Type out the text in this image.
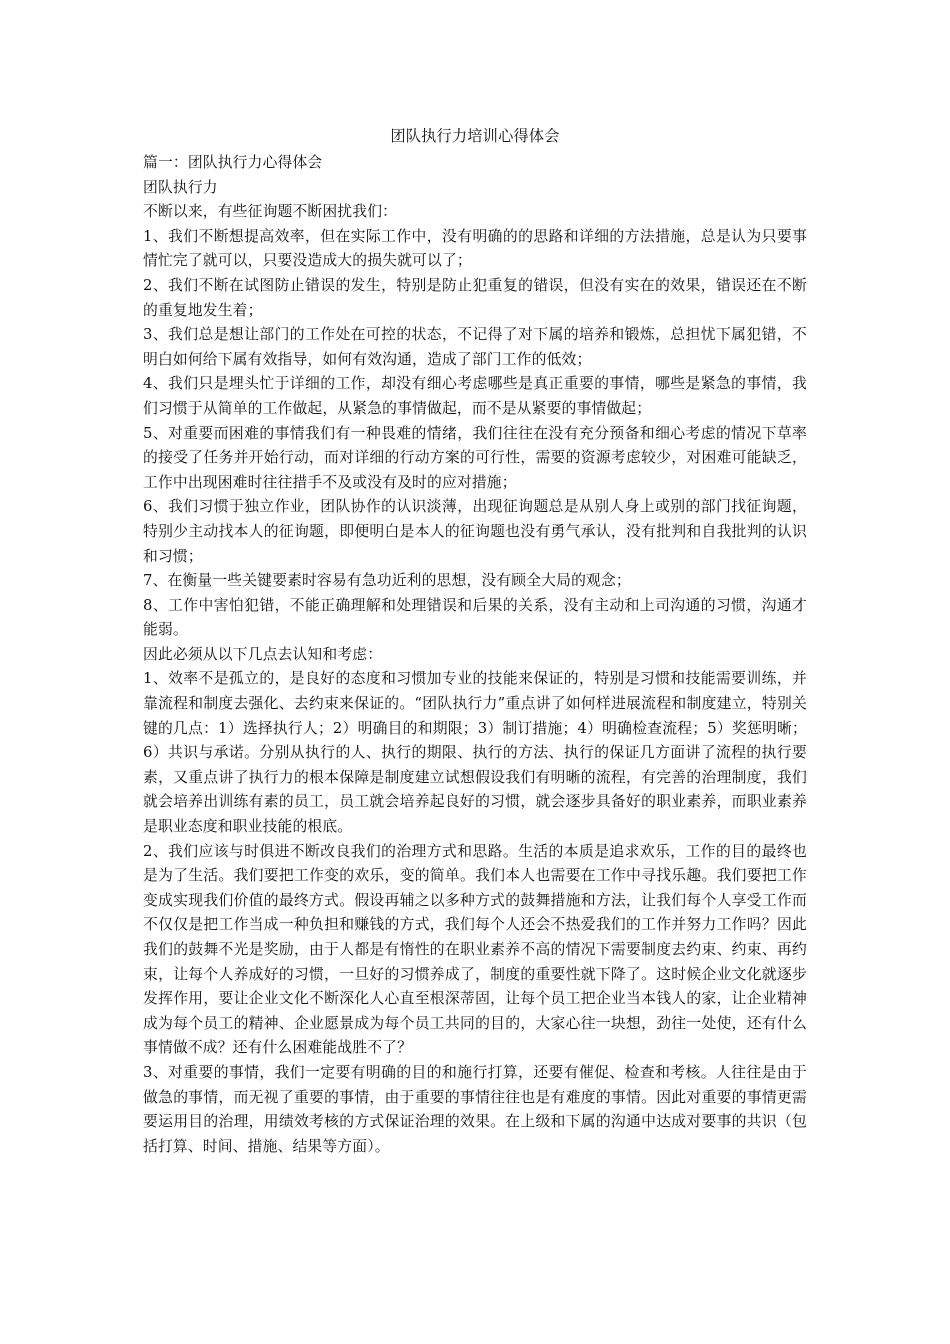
团队执行力培训心得体会

篇一：团队执行力心得体会

团队执行力

不断以来，有些征询题不断困扰我们：

1、我们不断想提高效率，但在实际工作中，没有明确的的思路和详细的方法措施，总是认为只要事情忙完了就可以，只要没造成大的损失就可以了；

2、我们不断在试图防止错误的发生，特别是防止犯重复的错误，但没有实在的效果，错误还在不断的重复地发生着；

3、我们总是想让部门的工作处在可控的状态，不记得了对下属的培养和锻炼，总担忧下属犯错，不明白如何给下属有效指导，如何有效沟通，造成了部门工作的低效；

4、我们只是埋头忙于详细的工作，却没有细心考虑哪些是真正重要的事情，哪些是紧急的事情，我们习惯于从简单的工作做起，从紧急的事情做起，而不是从紧要的事情做起；

5、对重要而困难的事情我们有一种畏难的情绪，我们往往在没有充分预备和细心考虑的情况下草率的接受了任务并开始行动，而对详细的行动方案的可行性，需要的资源考虑较少，对困难可能缺乏，工作中出现困难时往往措手不及或没有及时的应对措施；

6、我们习惯于独立作业，团队协作的认识淡薄，出现征询题总是从别人身上或别的部门找征询题，特别少主动找本人的征询题，即便明白是本人的征询题也没有勇气承认，没有批判和自我批判的认识和习惯；

7、在衡量一些关键要素时容易有急功近利的思想，没有顾全大局的观念；

8、工作中害怕犯错，不能正确理解和处理错误和后果的关系，没有主动和上司沟通的习惯，沟通才能弱。

因此必须从以下几点去认知和考虑：

1、效率不是孤立的，是良好的态度和习惯加专业的技能来保证的，特别是习惯和技能需要训练，并靠流程和制度去强化、去约束来保证的。“团队执行力”重点讲了如何样进展流程和制度建立，特别关键的几点：1）选择执行人；2）明确目的和期限；3）制订措施；4）明确检查流程；5）奖惩明晰；6）共识与承诺。分别从执行的人、执行的期限、执行的方法、执行的保证几方面讲了流程的执行要素，又重点讲了执行力的根本保障是制度建立试想假设我们有明晰的流程，有完善的治理制度，我们就会培养出训练有素的员工，员工就会培养起良好的习惯，就会逐步具备好的职业素养，而职业素养是职业态度和职业技能的根底。

2、我们应该与时俱进不断改良我们的治理方式和思路。生活的本质是追求欢乐，工作的目的最终也是为了生活。我们要把工作变的欢乐，变的简单。我们本人也需要在工作中寻找乐趣。我们要把工作变成实现我们价值的最终方式。假设再辅之以多种方式的鼓舞措施和方法，让我们每个人享受工作而不仅仅是把工作当成一种负担和赚钱的方式，我们每个人还会不热爱我们的工作并努力工作吗？因此我们的鼓舞不光是奖励，由于人都是有惰性的在职业素养不高的情况下需要制度去约束、约束、再约束，让每个人养成好的习惯，一旦好的习惯养成了，制度的重要性就下降了。这时候企业文化就逐步发挥作用，要让企业文化不断深化人心直至根深蒂固，让每个员工把企业当本钱人的家，让企业精神成为每个员工的精神、企业愿景成为每个员工共同的目的，大家心往一块想，劲往一处使，还有什么事情做不成？还有什么困难能战胜不了？

3、对重要的事情，我们一定要有明确的目的和施行打算，还要有催促、检查和考核。人往往是由于做急的事情，而无视了重要的事情，由于重要的事情往往也是有难度的事情。因此对重要的事情更需要运用目的治理，用绩效考核的方式保证治理的效果。在上级和下属的沟通中达成对要事的共识（包括打算、时间、措施、结果等方面）。
